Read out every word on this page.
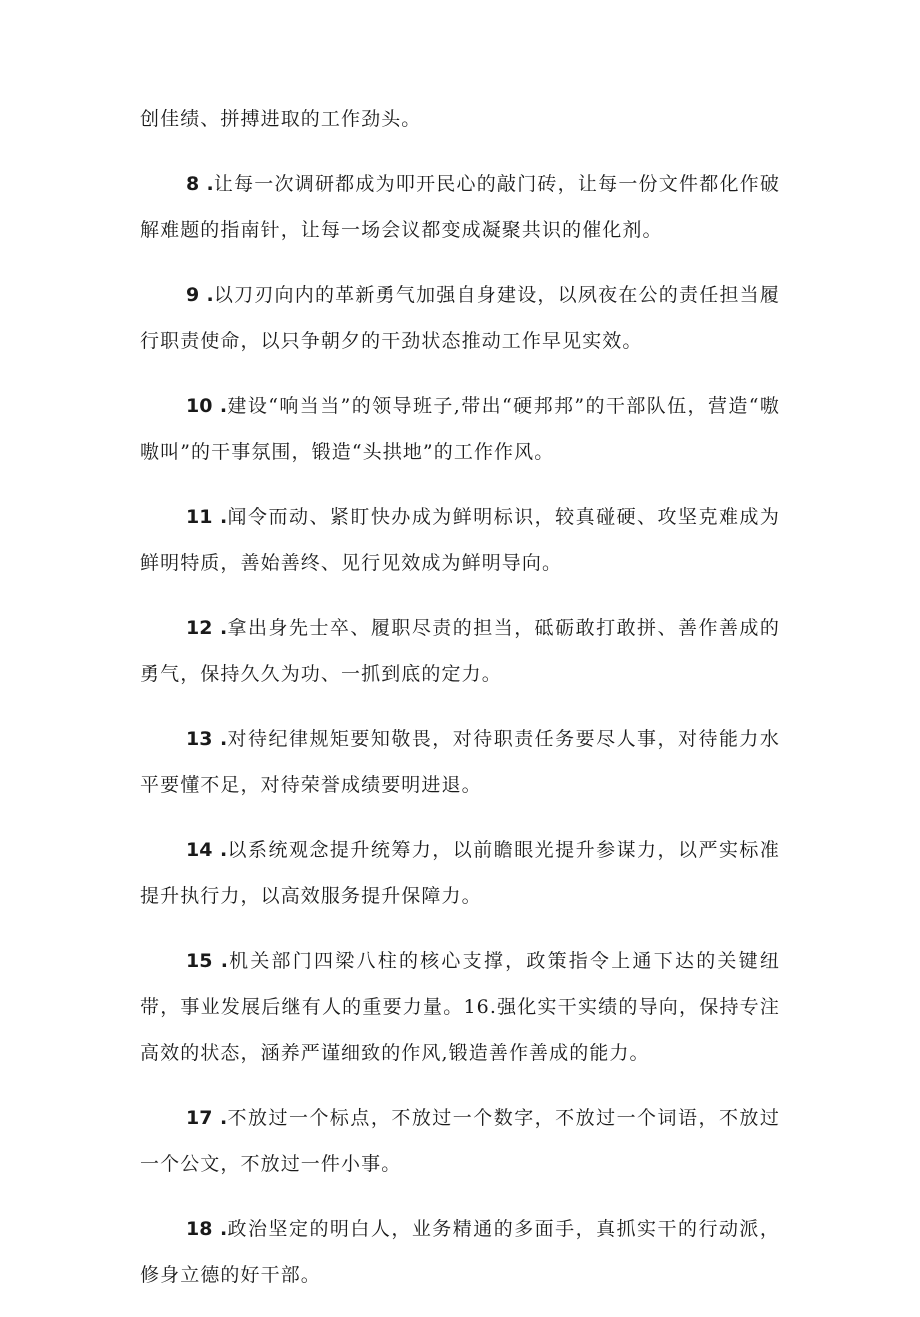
创佳绩、拼搏进取的工作劲头。

8 .让每一次调研都成为叩开民心的敲门砖，让每一份文件都化作破解难题的指南针，让每一场会议都变成凝聚共识的催化剂。

9 .以刀刃向内的革新勇气加强自身建设，以夙夜在公的责任担当履行职责使命，以只争朝夕的干劲状态推动工作早见实效。

10 .建设“响当当”的领导班子,带出“硬邦邦”的干部队伍，营造“嗷嗷叫”的干事氛围，锻造“头拱地”的工作作风。

11 .闻令而动、紧盯快办成为鲜明标识，较真碰硬、攻坚克难成为鲜明特质，善始善终、见行见效成为鲜明导向。

12 .拿出身先士卒、履职尽责的担当，砥砺敢打敢拼、善作善成的勇气，保持久久为功、一抓到底的定力。

13 .对待纪律规矩要知敬畏，对待职责任务要尽人事，对待能力水平要懂不足，对待荣誉成绩要明进退。

14 .以系统观念提升统筹力，以前瞻眼光提升参谋力，以严实标准提升执行力，以高效服务提升保障力。

15 .机关部门四梁八柱的核心支撑，政策指令上通下达的关键纽带，事业发展后继有人的重要力量。16.强化实干实绩的导向，保持专注高效的状态，涵养严谨细致的作风,锻造善作善成的能力。

17 .不放过一个标点，不放过一个数字，不放过一个词语，不放过一个公文，不放过一件小事。

18 .政治坚定的明白人，业务精通的多面手，真抓实干的行动派，修身立德的好干部。
